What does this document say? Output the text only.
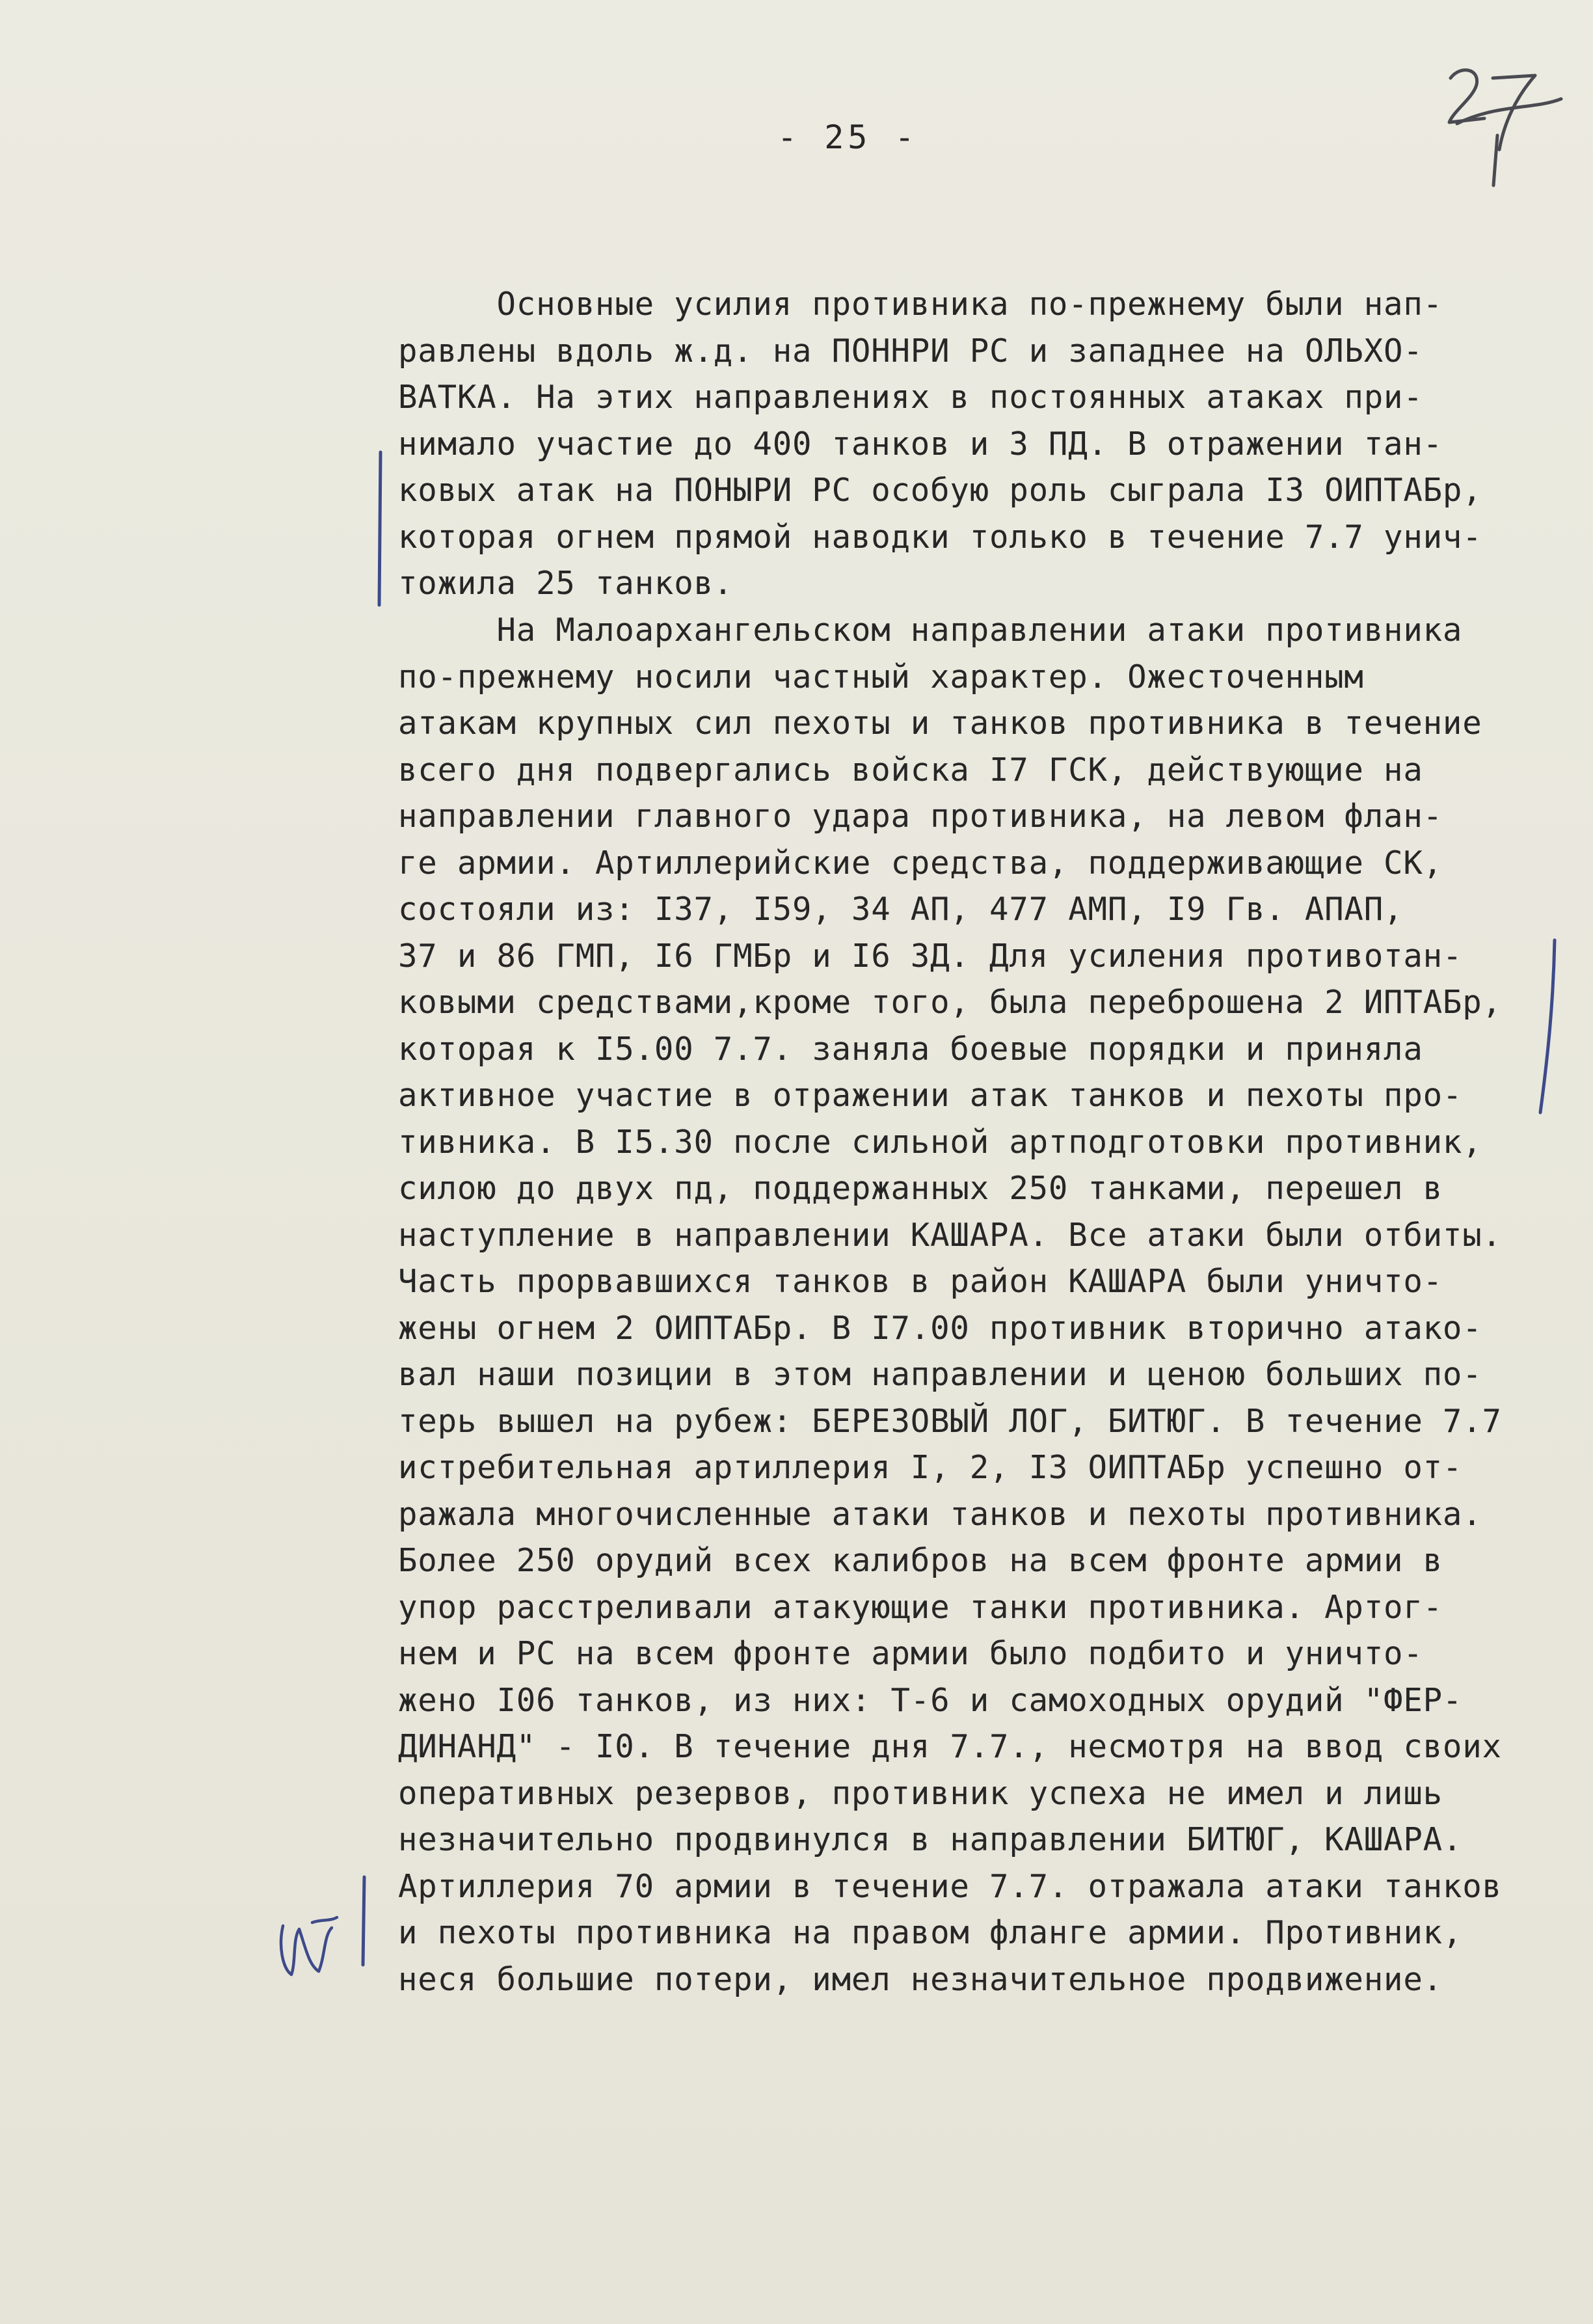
- 25 -
Основные усилия противника по-прежнему были нап-
равлены вдоль ж.д. на ПОННРИ РС и западнее на ОЛЬХО-
ВАТКА. На этих направлениях в постоянных атаках при-
нимало участие до 400 танков и 3 ПД. В отражении тан-
ковых атак на ПОНЫРИ РС особую роль сыграла I3 ОИПТАБр,
которая огнем прямой наводки только в течение 7.7 унич-
тожила 25 танков.
На Малоархангельском направлении атаки противника
по-прежнему носили частный характер. Ожесточенным
атакам крупных сил пехоты и танков противника в течение
всего дня подвергались войска I7 ГСК, действующие на
направлении главного удара противника, на левом флан-
ге армии. Артиллерийские средства, поддерживающие СК,
состояли из: I37, I59, 34 АП, 477 АМП, I9 Гв. АПАП,
37 и 86 ГМП, I6 ГМБр и I6 ЗД. Для усиления противотан-
ковыми средствами,кроме того, была переброшена 2 ИПТАБр,
которая к I5.00 7.7. заняла боевые порядки и приняла
активное участие в отражении атак танков и пехоты про-
тивника. В I5.30 после сильной артподготовки противник,
силою до двух пд, поддержанных 250 танками, перешел в
наступление в направлении КАШАРА. Все атаки были отбиты.
Часть прорвавшихся танков в район КАШАРА были уничто-
жены огнем 2 ОИПТАБр. В I7.00 противник вторично атако-
вал наши позиции в этом направлении и ценою больших по-
терь вышел на рубеж: БЕРЕЗОВЫЙ ЛОГ, БИТЮГ. В течение 7.7
истребительная артиллерия I, 2, I3 ОИПТАБр успешно от-
ражала многочисленные атаки танков и пехоты противника.
Более 250 орудий всех калибров на всем фронте армии в
упор расстреливали атакующие танки противника. Артог-
нем и РС на всем фронте армии было подбито и уничто-
жено I06 танков, из них: Т-6 и самоходных орудий "ФЕР-
ДИНАНД" - I0. В течение дня 7.7., несмотря на ввод своих
оперативных резервов, противник успеха не имел и лишь
незначительно продвинулся в направлении БИТЮГ, КАШАРА.
Артиллерия 70 армии в течение 7.7. отражала атаки танков
и пехоты противника на правом фланге армии. Противник,
неся большие потери, имел незначительное продвижение.
